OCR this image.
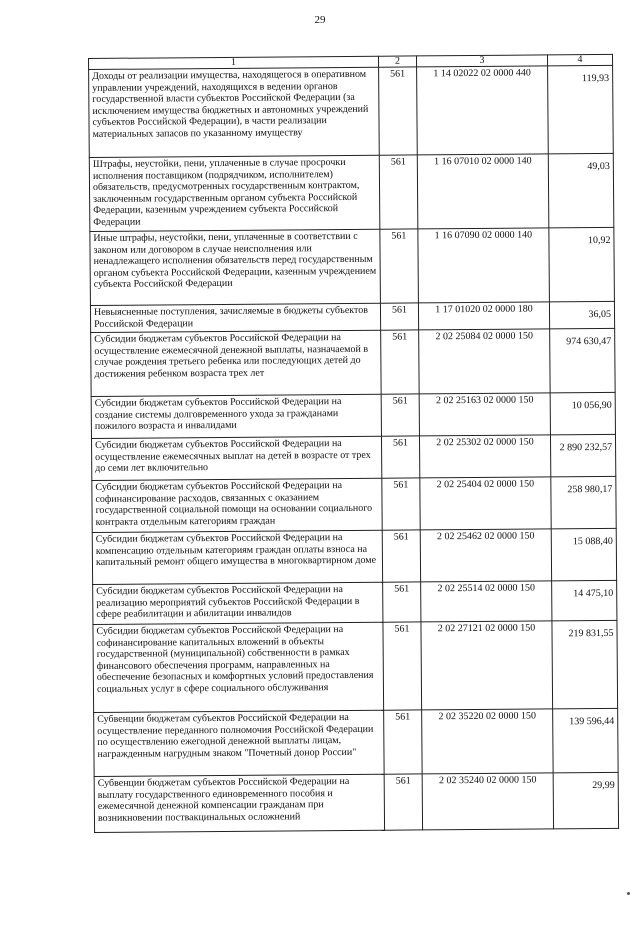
29
1	2	3	4
Доходы от реализации имущества, находящегося в оперативном управлении учреждений, находящихся в ведении органов государственной власти субъектов Российской Федерации (за исключением имущества бюджетных и автономных учреждений субъектов Российской Федерации), в части реализации материальных запасов по указанному имуществу	561	1 14 02022 02 0000 440	119,93
Штрафы, неустойки, пени, уплаченные в случае просрочки исполнения поставщиком (подрядчиком, исполнителем) обязательств, предусмотренных государственным контрактом, заключенным государственным органом субъекта Российской Федерации, казенным учреждением субъекта Российской Федерации	561	1 16 07010 02 0000 140	49,03
Иные штрафы, неустойки, пени, уплаченные в соответствии с законом или договором в случае неисполнения или ненадлежащего исполнения обязательств перед государственным органом субъекта Российской Федерации, казенным учреждением субъекта Российской Федерации	561	1 16 07090 02 0000 140	10,92
Невыясненные поступления, зачисляемые в бюджеты субъектов Российской Федерации	561	1 17 01020 02 0000 180	36,05
Субсидии бюджетам субъектов Российской Федерации на осуществление ежемесячной денежной выплаты, назначаемой в случае рождения третьего ребенка или последующих детей до достижения ребенком возраста трех лет	561	2 02 25084 02 0000 150	974 630,47
Субсидии бюджетам субъектов Российской Федерации на создание системы долговременного ухода за гражданами пожилого возраста и инвалидами	561	2 02 25163 02 0000 150	10 056,90
Субсидии бюджетам субъектов Российской Федерации на осуществление ежемесячных выплат на детей в возрасте от трех до семи лет включительно	561	2 02 25302 02 0000 150	2 890 232,57
Субсидии бюджетам субъектов Российской Федерации на софинансирование расходов, связанных с оказанием государственной социальной помощи на основании социального контракта отдельным категориям граждан	561	2 02 25404 02 0000 150	258 980,17
Субсидии бюджетам субъектов Российской Федерации на компенсацию отдельным категориям граждан оплаты взноса на капитальный ремонт общего имущества в многоквартирном доме	561	2 02 25462 02 0000 150	15 088,40
Субсидии бюджетам субъектов Российской Федерации на реализацию мероприятий субъектов Российской Федерации в сфере реабилитации и абилитации инвалидов	561	2 02 25514 02 0000 150	14 475,10
Субсидии бюджетам субъектов Российской Федерации на софинансирование капитальных вложений в объекты государственной (муниципальной) собственности в рамках финансового обеспечения программ, направленных на обеспечение безопасных и комфортных условий предоставления социальных услуг в сфере социального обслуживания	561	2 02 27121 02 0000 150	219 831,55
Субвенции бюджетам субъектов Российской Федерации на осуществление переданного полномочия Российской Федерации по осуществлению ежегодной денежной выплаты лицам, награжденным нагрудным знаком "Почетный донор России"	561	2 02 35220 02 0000 150	139 596,44
Субвенции бюджетам субъектов Российской Федерации на выплату государственного единовременного пособия и ежемесячной денежной компенсации гражданам при возникновении поствакцинальных осложнений	561	2 02 35240 02 0000 150	29,99
